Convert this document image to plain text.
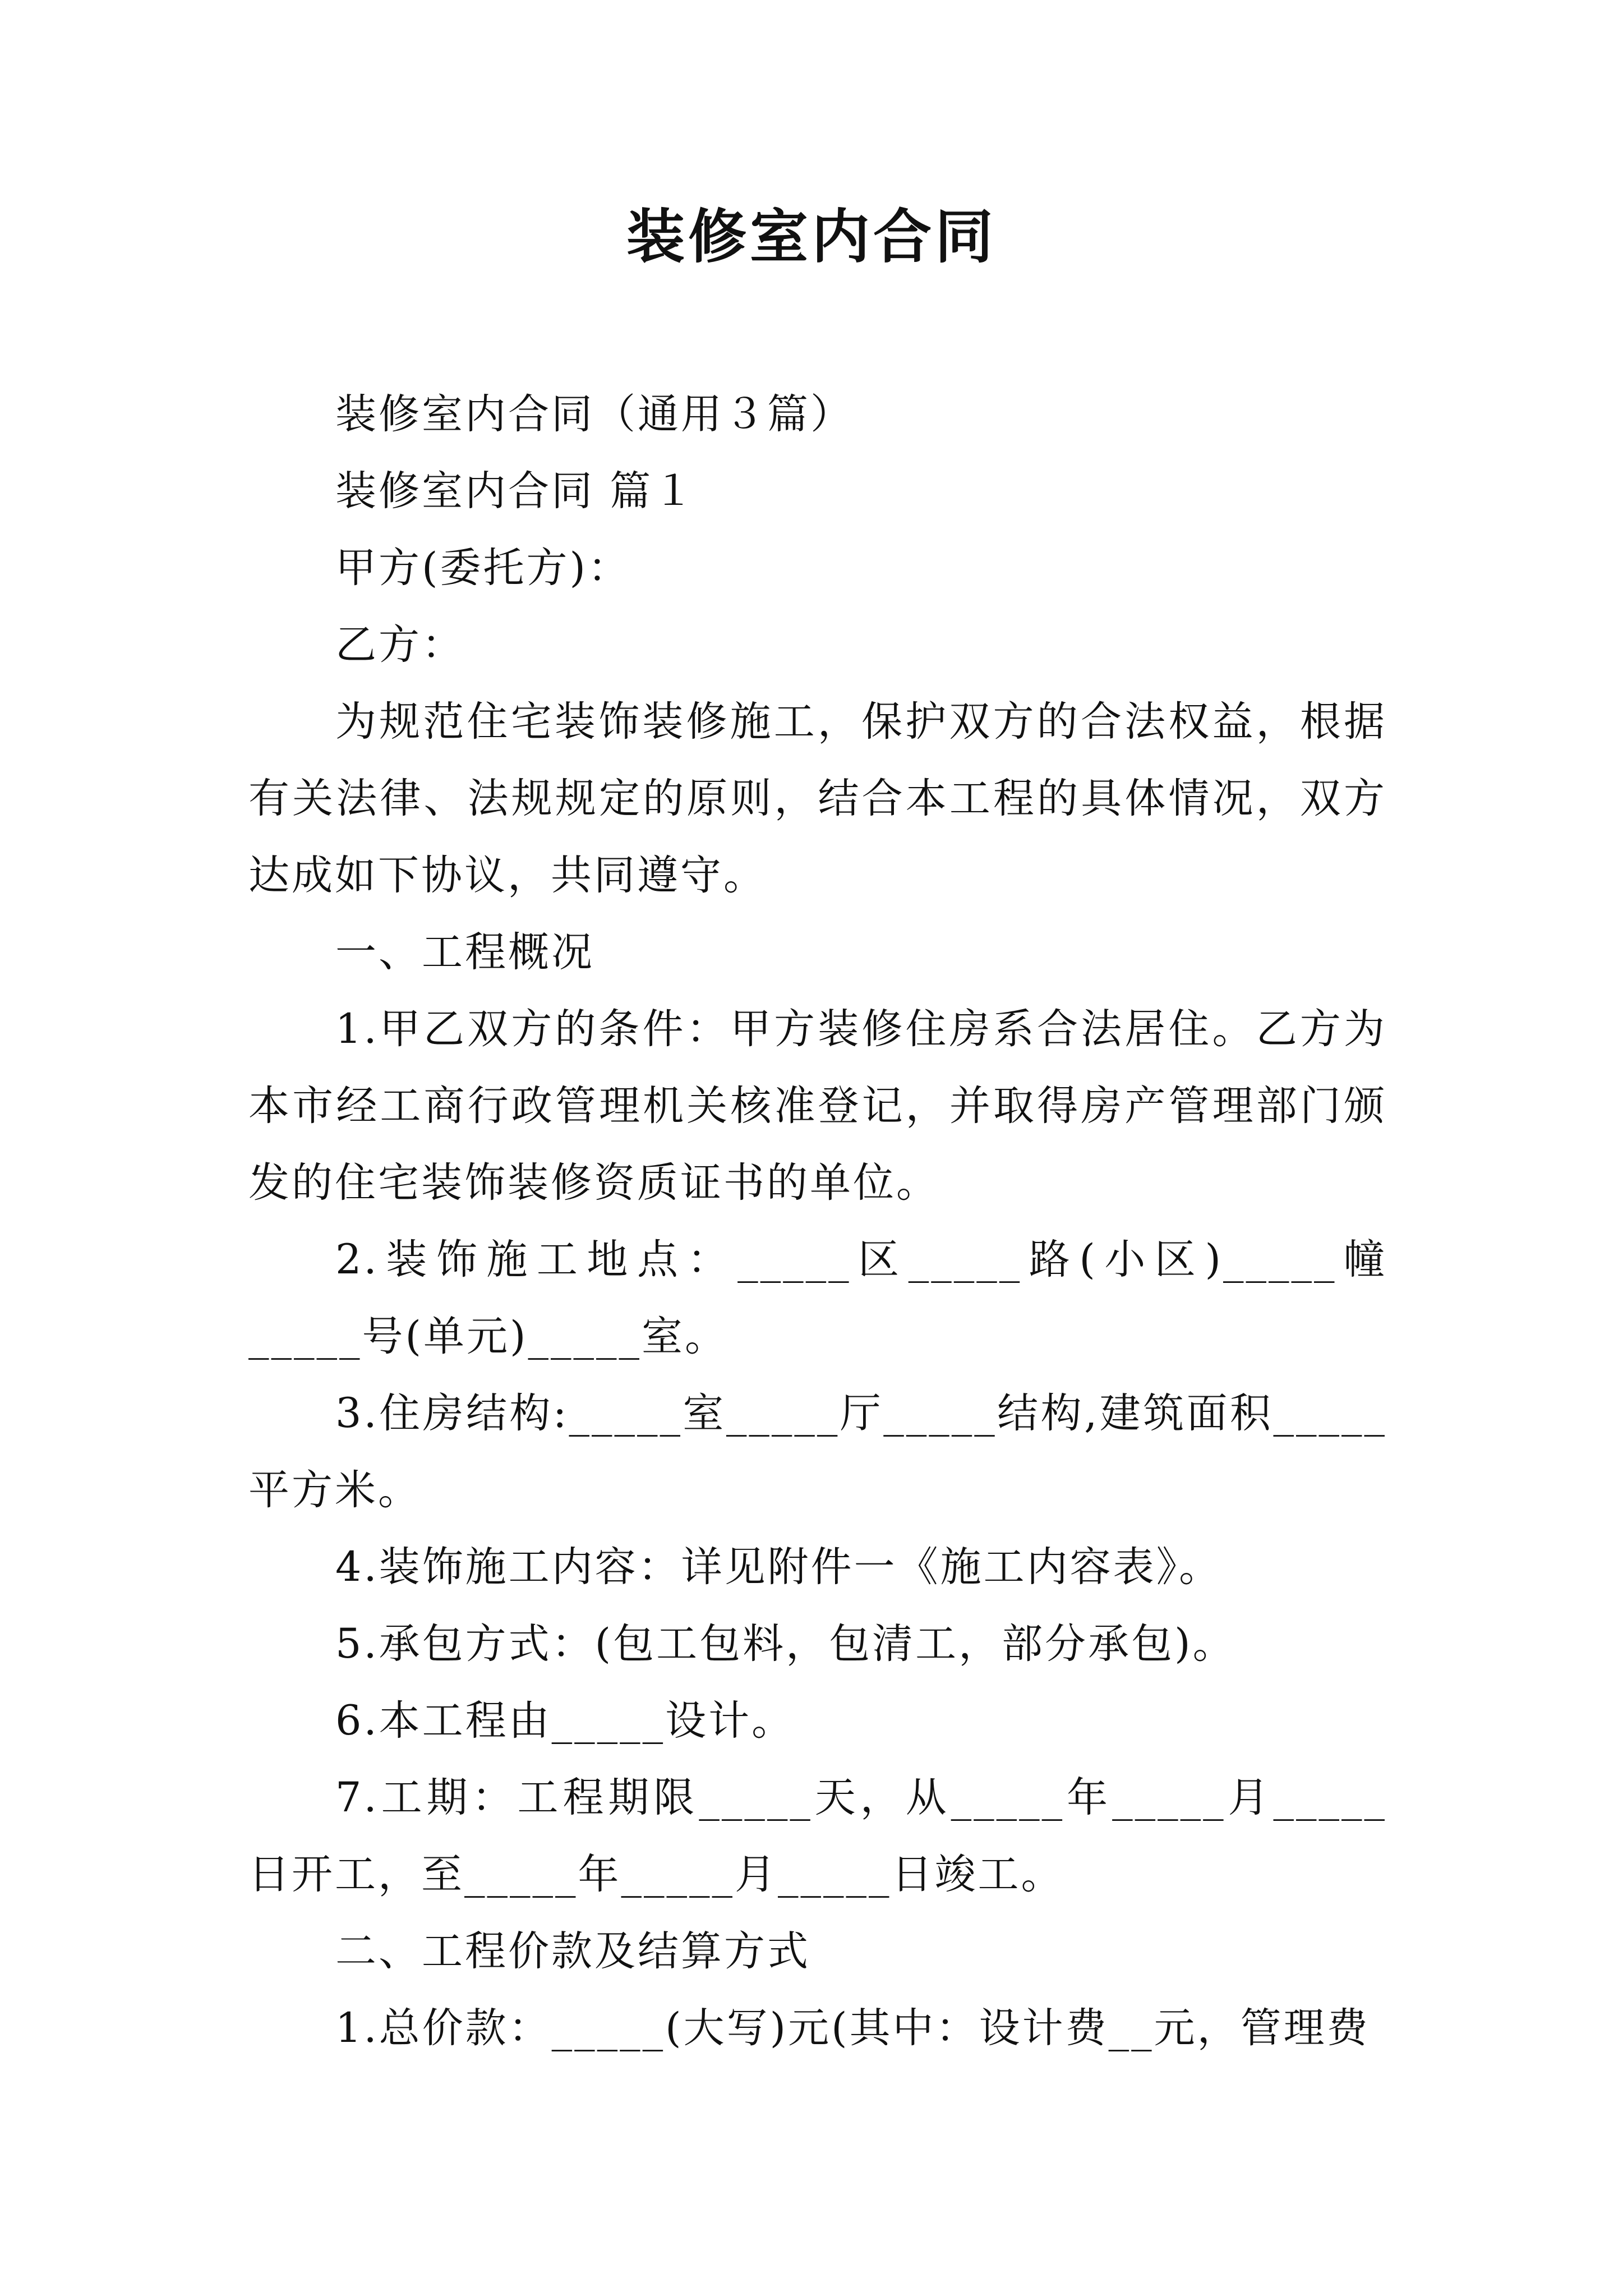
装修室内合同

装修室内合同（通用３篇）

装修室内合同 篇１

甲方(委托方)：

乙方：

为规范住宅装饰装修施工，保护双方的合法权益，根据有关法律、法规规定的原则，结合本工程的具体情况，双方达成如下协议，共同遵守。

一、工程概况

1.甲乙双方的条件：甲方装修住房系合法居住。乙方为本市经工商行政管理机关核准登记，并取得房产管理部门颁发的住宅装饰装修资质证书的单位。

2.装饰施工地点：_____区_____路(小区)_____幢_____号(单元)_____室。

3.住房结构:_____室_____厅_____结构,建筑面积_____平方米。

4.装饰施工内容：详见附件一《施工内容表》。

5.承包方式：(包工包料，包清工，部分承包)。

6.本工程由_____设计。

7.工期：工程期限_____天，从_____年_____月_____日开工，至_____年_____月_____日竣工。

二、工程价款及结算方式

1.总价款：_____(大写)元(其中：设计费__元，管理费
